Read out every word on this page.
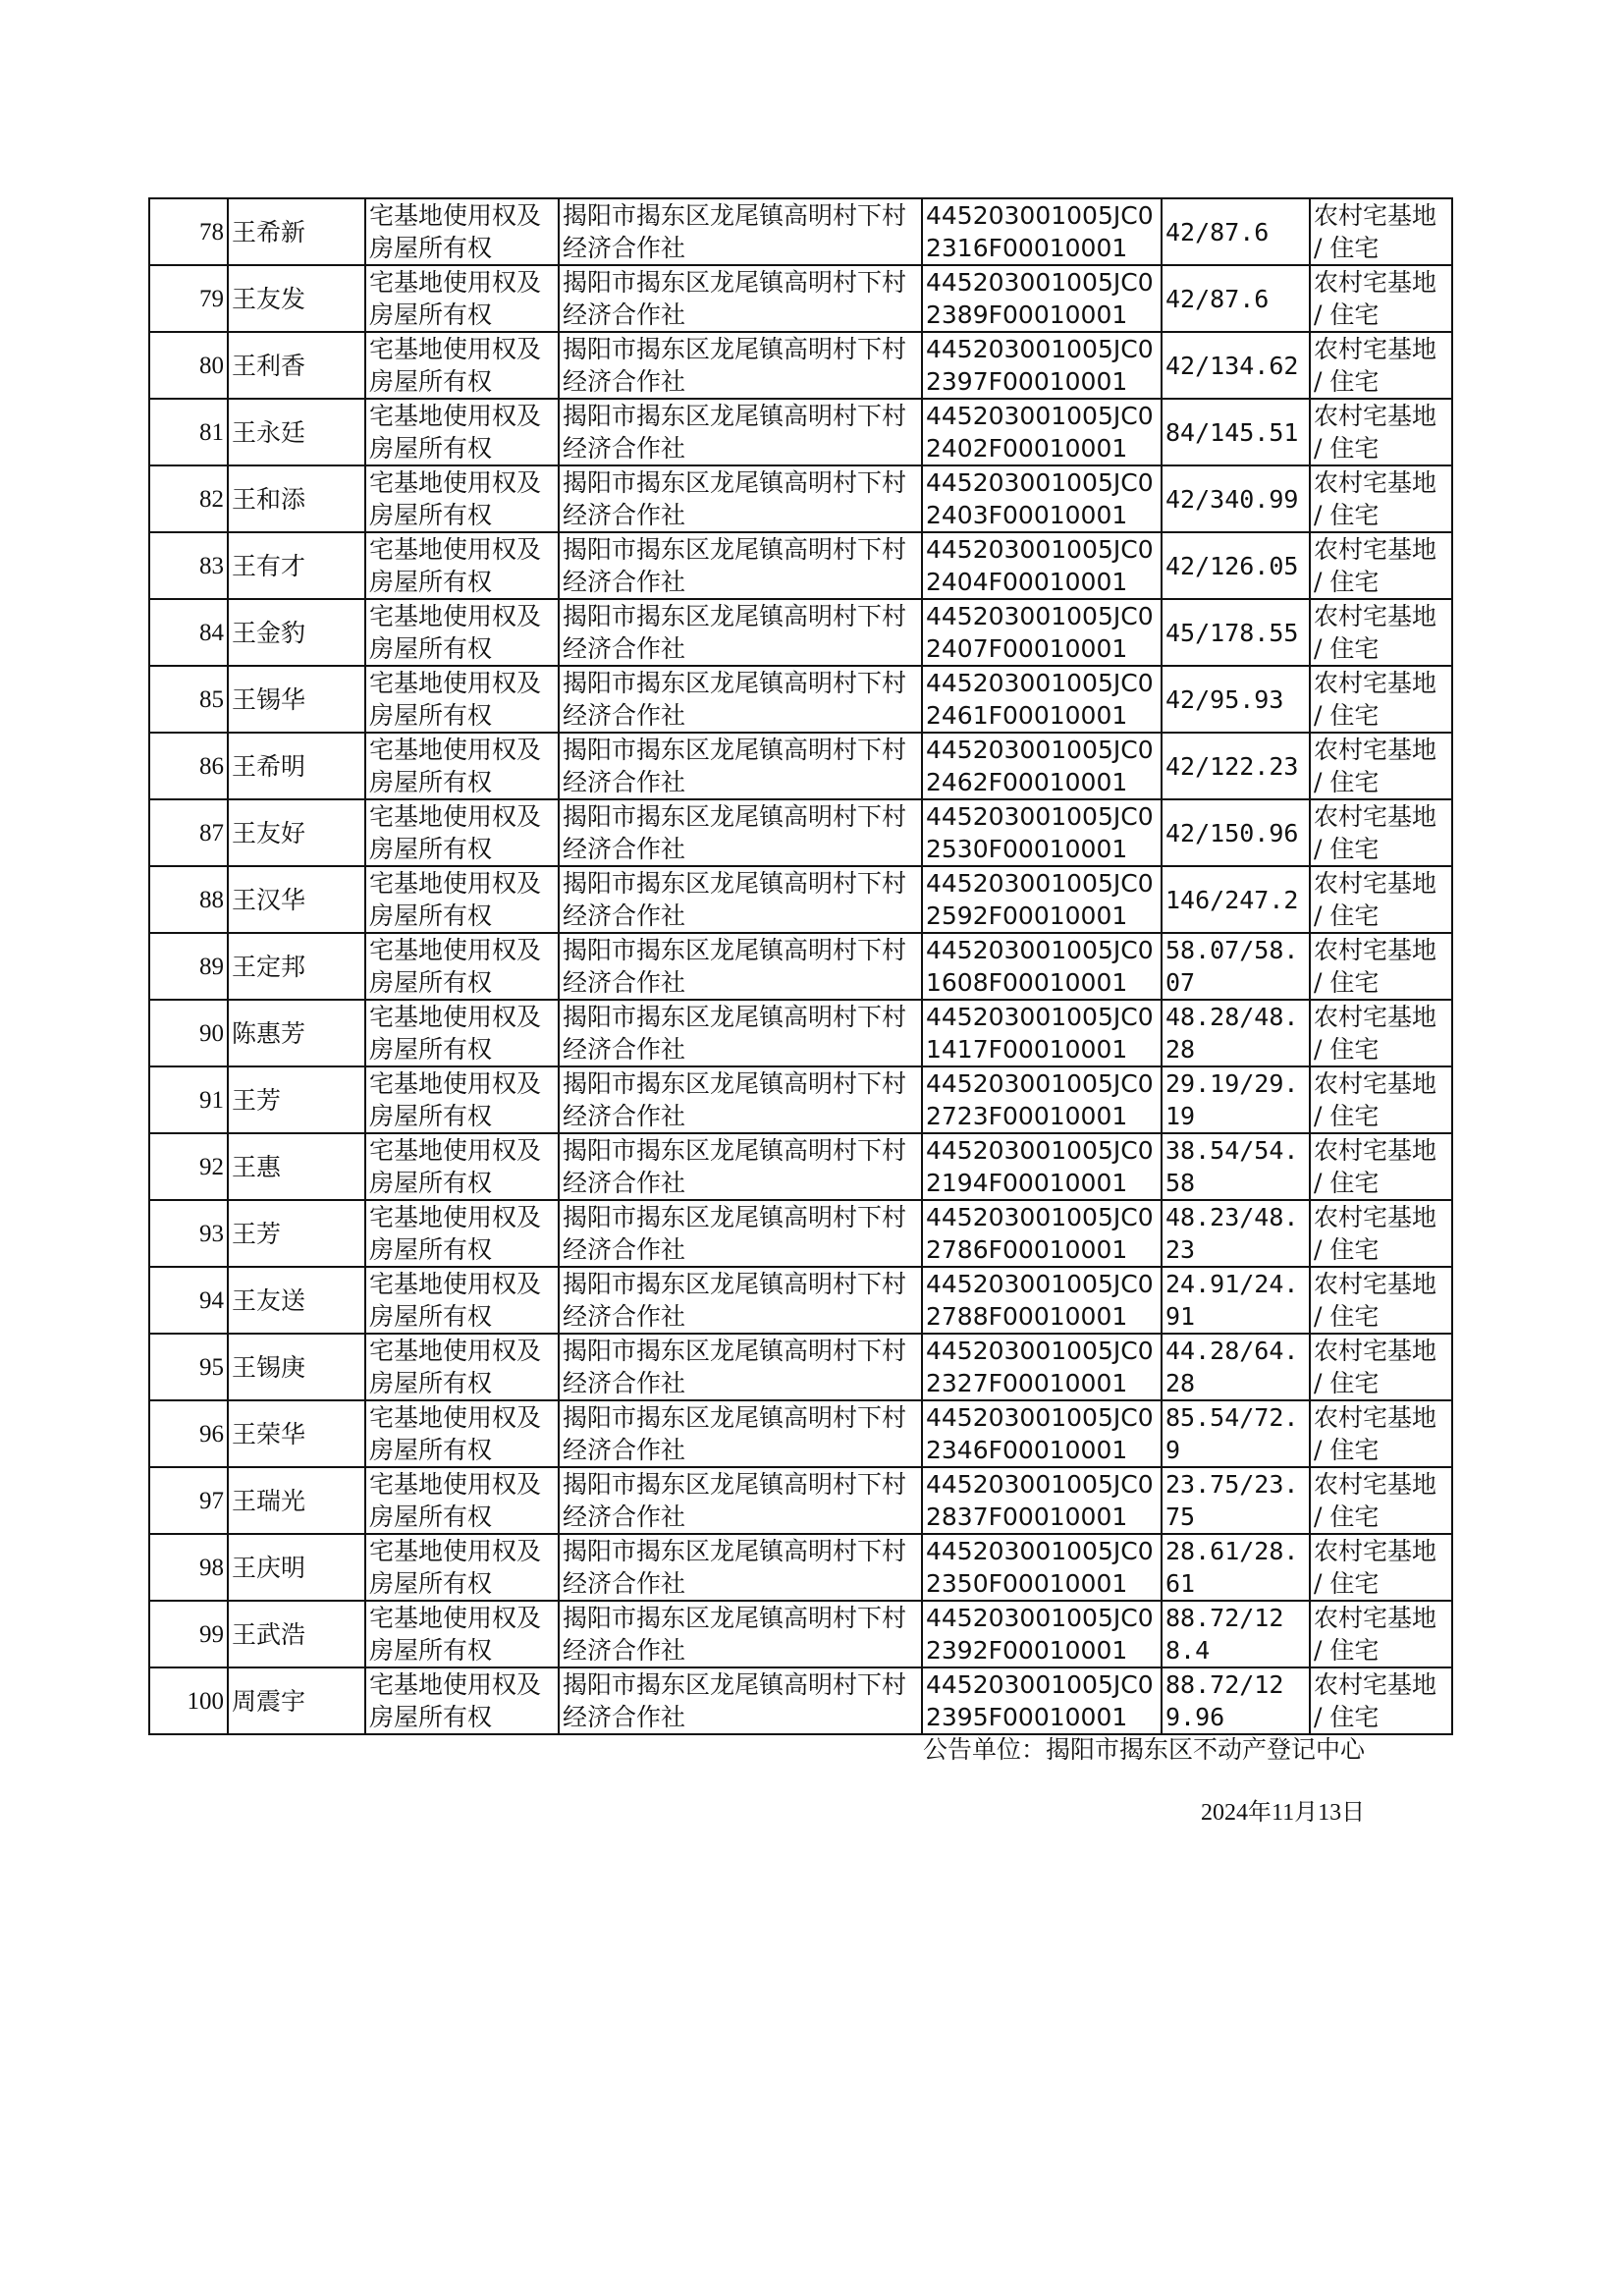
78	王希新	宅基地使用权及房屋所有权	揭阳市揭东区龙尾镇高明村下村经济合作社	445203001005JC02316F00010001	42/87.6	农村宅基地 / 住宅
79	王友发	宅基地使用权及房屋所有权	揭阳市揭东区龙尾镇高明村下村经济合作社	445203001005JC02389F00010001	42/87.6	农村宅基地 / 住宅
80	王利香	宅基地使用权及房屋所有权	揭阳市揭东区龙尾镇高明村下村经济合作社	445203001005JC02397F00010001	42/134.62	农村宅基地 / 住宅
81	王永廷	宅基地使用权及房屋所有权	揭阳市揭东区龙尾镇高明村下村经济合作社	445203001005JC02402F00010001	84/145.51	农村宅基地 / 住宅
82	王和添	宅基地使用权及房屋所有权	揭阳市揭东区龙尾镇高明村下村经济合作社	445203001005JC02403F00010001	42/340.99	农村宅基地 / 住宅
83	王有才	宅基地使用权及房屋所有权	揭阳市揭东区龙尾镇高明村下村经济合作社	445203001005JC02404F00010001	42/126.05	农村宅基地 / 住宅
84	王金豹	宅基地使用权及房屋所有权	揭阳市揭东区龙尾镇高明村下村经济合作社	445203001005JC02407F00010001	45/178.55	农村宅基地 / 住宅
85	王锡华	宅基地使用权及房屋所有权	揭阳市揭东区龙尾镇高明村下村经济合作社	445203001005JC02461F00010001	42/95.93	农村宅基地 / 住宅
86	王希明	宅基地使用权及房屋所有权	揭阳市揭东区龙尾镇高明村下村经济合作社	445203001005JC02462F00010001	42/122.23	农村宅基地 / 住宅
87	王友好	宅基地使用权及房屋所有权	揭阳市揭东区龙尾镇高明村下村经济合作社	445203001005JC02530F00010001	42/150.96	农村宅基地 / 住宅
88	王汉华	宅基地使用权及房屋所有权	揭阳市揭东区龙尾镇高明村下村经济合作社	445203001005JC02592F00010001	146/247.2	农村宅基地 / 住宅
89	王定邦	宅基地使用权及房屋所有权	揭阳市揭东区龙尾镇高明村下村经济合作社	445203001005JC01608F00010001	58.07/58.07	农村宅基地 / 住宅
90	陈惠芳	宅基地使用权及房屋所有权	揭阳市揭东区龙尾镇高明村下村经济合作社	445203001005JC01417F00010001	48.28/48.28	农村宅基地 / 住宅
91	王芳	宅基地使用权及房屋所有权	揭阳市揭东区龙尾镇高明村下村经济合作社	445203001005JC02723F00010001	29.19/29.19	农村宅基地 / 住宅
92	王惠	宅基地使用权及房屋所有权	揭阳市揭东区龙尾镇高明村下村经济合作社	445203001005JC02194F00010001	38.54/54.58	农村宅基地 / 住宅
93	王芳	宅基地使用权及房屋所有权	揭阳市揭东区龙尾镇高明村下村经济合作社	445203001005JC02786F00010001	48.23/48.23	农村宅基地 / 住宅
94	王友送	宅基地使用权及房屋所有权	揭阳市揭东区龙尾镇高明村下村经济合作社	445203001005JC02788F00010001	24.91/24.91	农村宅基地 / 住宅
95	王锡庚	宅基地使用权及房屋所有权	揭阳市揭东区龙尾镇高明村下村经济合作社	445203001005JC02327F00010001	44.28/64.28	农村宅基地 / 住宅
96	王荣华	宅基地使用权及房屋所有权	揭阳市揭东区龙尾镇高明村下村经济合作社	445203001005JC02346F00010001	85.54/72.9	农村宅基地 / 住宅
97	王瑞光	宅基地使用权及房屋所有权	揭阳市揭东区龙尾镇高明村下村经济合作社	445203001005JC02837F00010001	23.75/23.75	农村宅基地 / 住宅
98	王庆明	宅基地使用权及房屋所有权	揭阳市揭东区龙尾镇高明村下村经济合作社	445203001005JC02350F00010001	28.61/28.61	农村宅基地 / 住宅
99	王武浩	宅基地使用权及房屋所有权	揭阳市揭东区龙尾镇高明村下村经济合作社	445203001005JC02392F00010001	88.72/128.4	农村宅基地 / 住宅
100	周震宇	宅基地使用权及房屋所有权	揭阳市揭东区龙尾镇高明村下村经济合作社	445203001005JC02395F00010001	88.72/129.96	农村宅基地 / 住宅
公告单位：揭阳市揭东区不动产登记中心
2024年11月13日
